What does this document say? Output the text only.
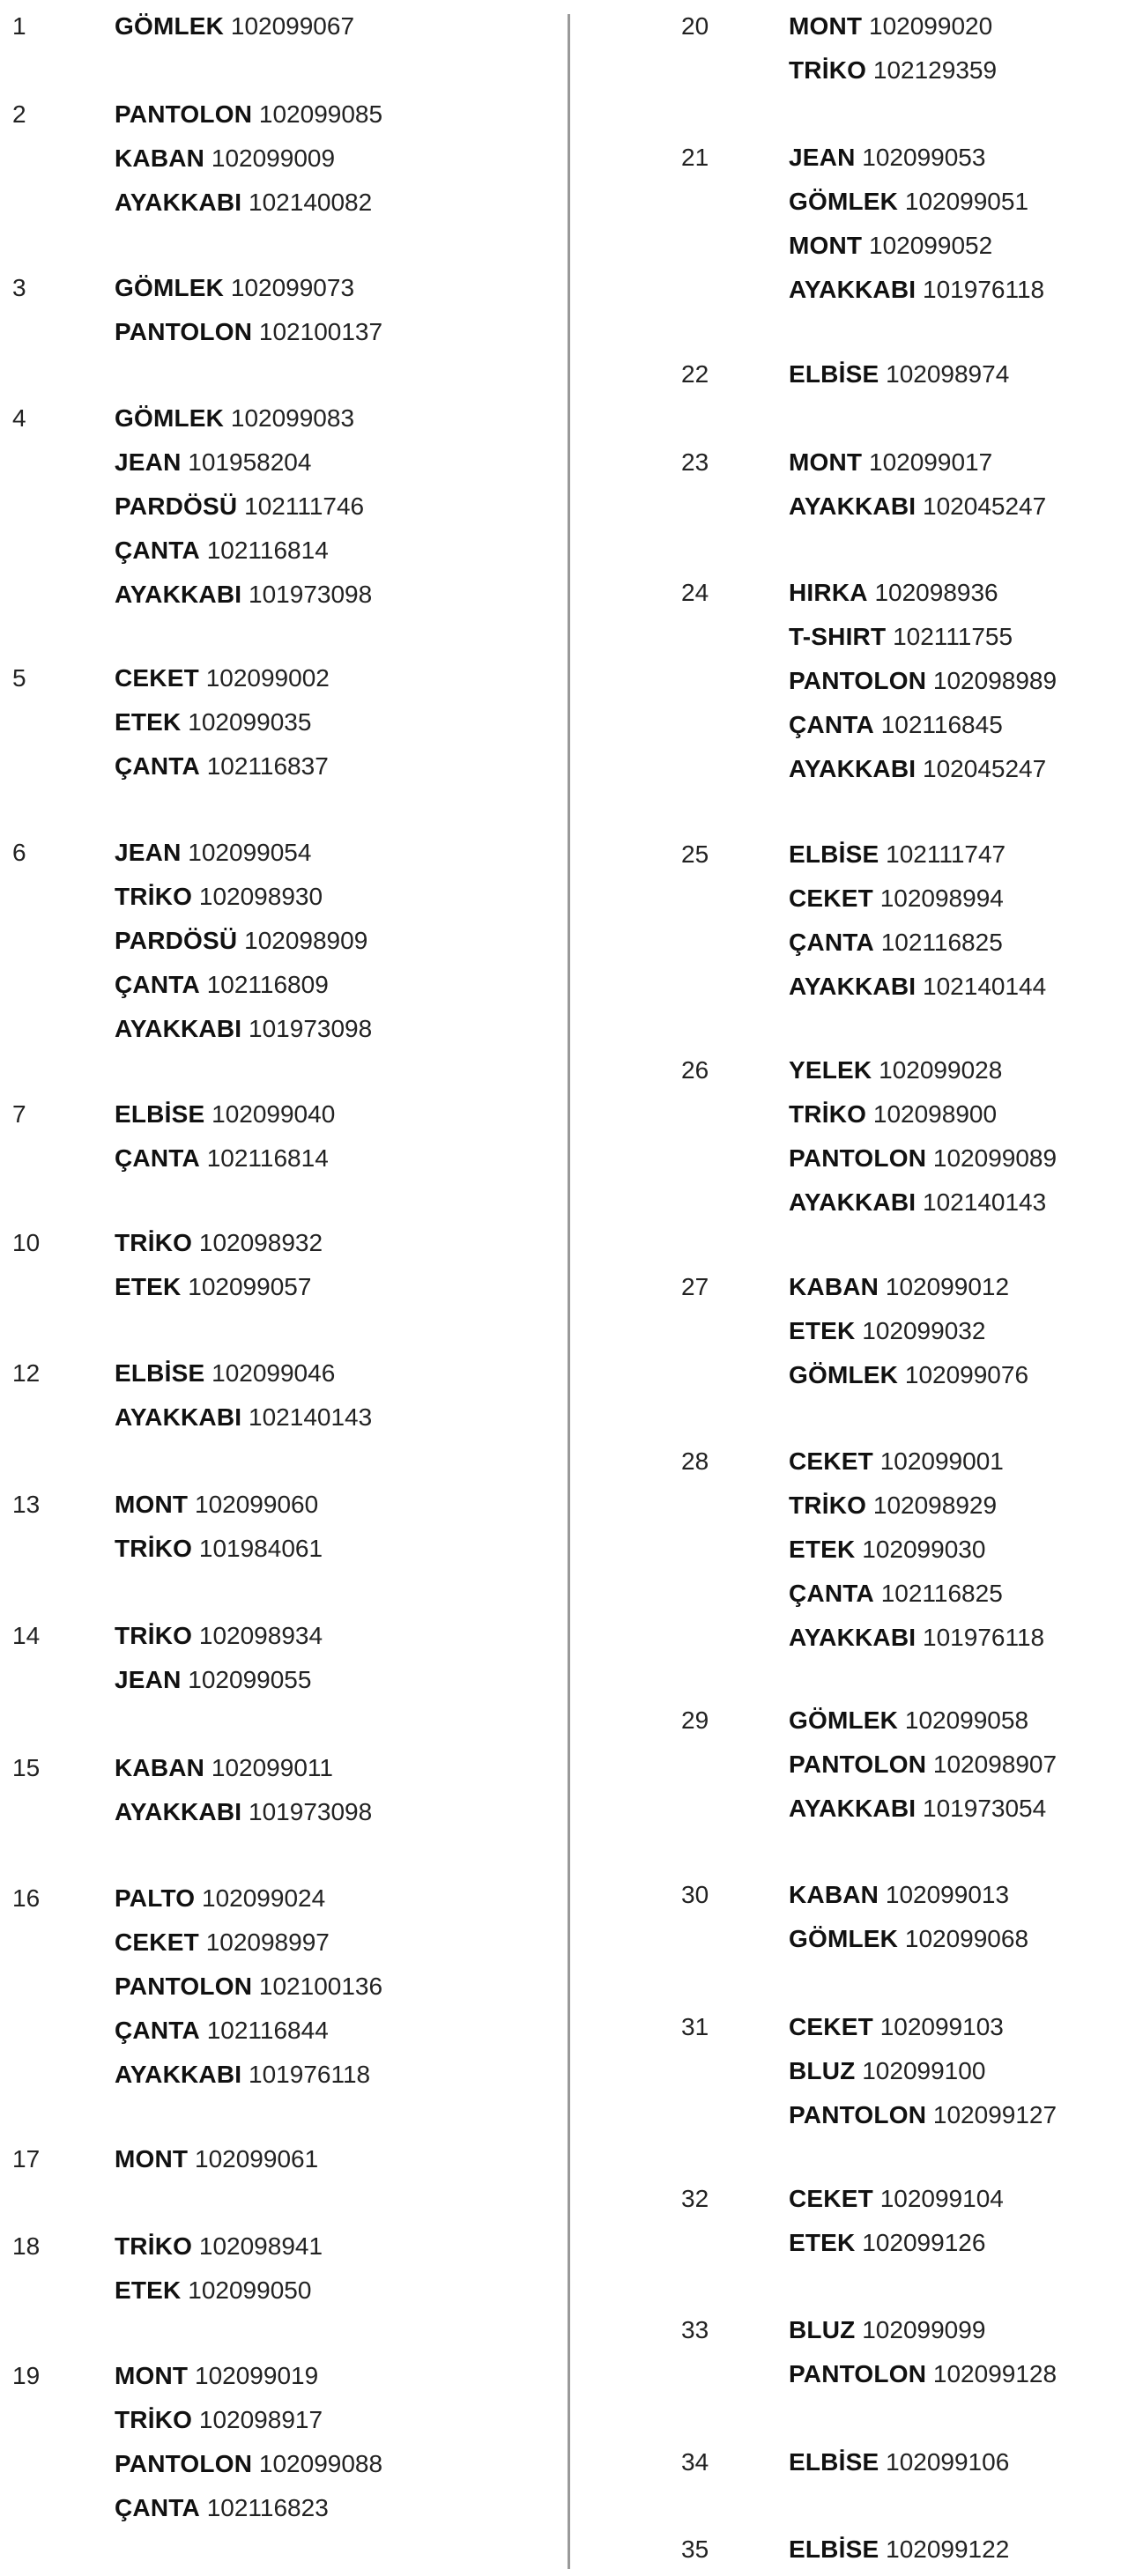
1	GÖMLEK 102099067
2	PANTOLON 102099085
KABAN 102099009
AYAKKABI 102140082
3	GÖMLEK 102099073
PANTOLON 102100137
4	GÖMLEK 102099083
JEAN 101958204
PARDÖSÜ 102111746
ÇANTA 102116814
AYAKKABI 101973098
5	CEKET 102099002
ETEK 102099035
ÇANTA 102116837
6	JEAN 102099054
TRİKO 102098930
PARDÖSÜ 102098909
ÇANTA 102116809
AYAKKABI 101973098
7	ELBİSE 102099040
ÇANTA 102116814
10	TRİKO 102098932
ETEK 102099057
12	ELBİSE 102099046
AYAKKABI 102140143
13	MONT 102099060
TRİKO 101984061
14	TRİKO 102098934
JEAN 102099055
15	KABAN 102099011
AYAKKABI 101973098
16	PALTO 102099024
CEKET 102098997
PANTOLON 102100136
ÇANTA 102116844
AYAKKABI 101976118
17	MONT 102099061
18	TRİKO 102098941
ETEK 102099050
19	MONT 102099019
TRİKO 102098917
PANTOLON 102099088
ÇANTA 102116823
20	MONT 102099020
TRİKO 102129359
21	JEAN 102099053
GÖMLEK 102099051
MONT 102099052
AYAKKABI 101976118
22	ELBİSE 102098974
23	MONT 102099017
AYAKKABI 102045247
24	HIRKA 102098936
T-SHIRT 102111755
PANTOLON 102098989
ÇANTA 102116845
AYAKKABI 102045247
25	ELBİSE 102111747
CEKET 102098994
ÇANTA 102116825
AYAKKABI 102140144
26	YELEK 102099028
TRİKO 102098900
PANTOLON 102099089
AYAKKABI 102140143
27	KABAN 102099012
ETEK 102099032
GÖMLEK 102099076
28	CEKET 102099001
TRİKO 102098929
ETEK 102099030
ÇANTA 102116825
AYAKKABI 101976118
29	GÖMLEK 102099058
PANTOLON 102098907
AYAKKABI 101973054
30	KABAN 102099013
GÖMLEK 102099068
31	CEKET 102099103
BLUZ 102099100
PANTOLON 102099127
32	CEKET 102099104
ETEK 102099126
33	BLUZ 102099099
PANTOLON 102099128
34	ELBİSE 102099106
35	ELBİSE 102099122
